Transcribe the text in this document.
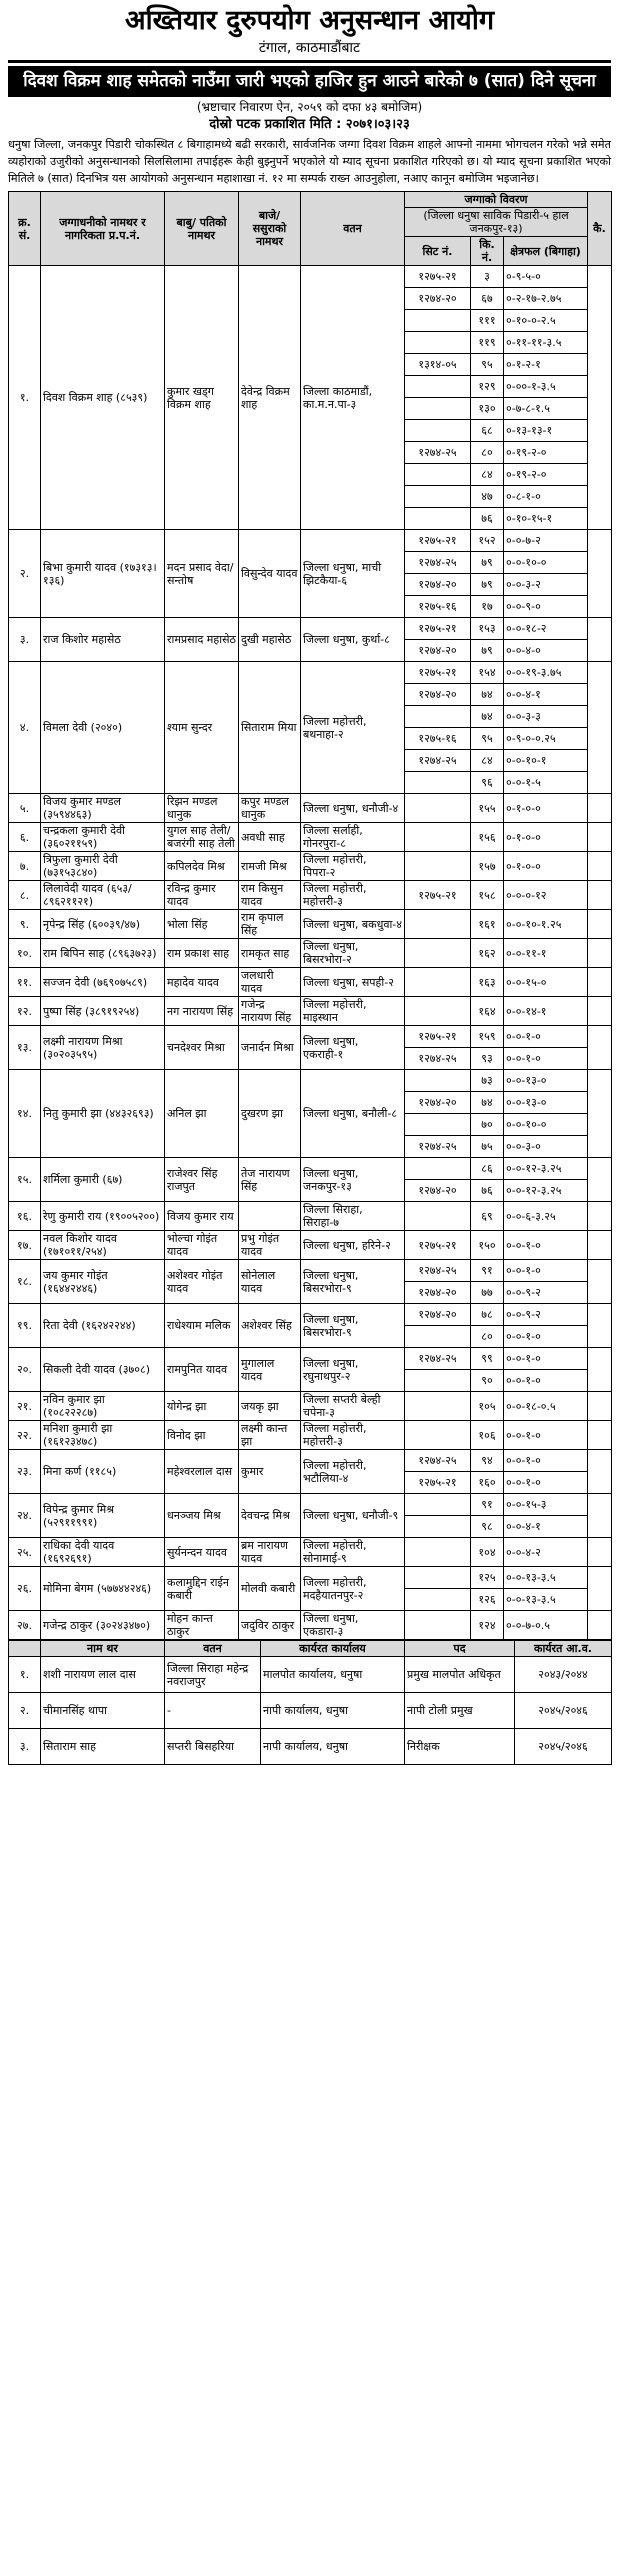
अख्तियार दुरुपयोग अनुसन्धान आयोग
टंगाल, काठमाडौंबाट
दिवश विक्रम शाह समेतको नाउँमा जारी भएको हाजिर हुन आउने बारेको ७ (सात) दिने सूचना
(भ्रष्टाचार निवारण ऐन, २०५९ को दफा ४३ बमोजिम)
दोस्रो पटक प्रकाशित मिति : २०७१।०३।२३
धनुषा जिल्ला, जनकपुर पिडारी चोकस्थित ८ बिगाहामध्ये बढी सरकारी, सार्वजनिक जग्गा दिवश विक्रम शाहले आफ्नो नाममा भोगचलन गरेको भन्ने समेत व्यहोराको उजुरीको अनुसन्धानको सिलसिलामा तपाईहरू केही बुझ्नुपर्ने भएकोले यो म्याद सूचना प्रकाशित गरिएको छ। यो म्याद सूचना प्रकाशित भएको मितिले ७ (सात) दिनभित्र यस आयोगको अनुसन्धान महाशाखा नं. १२ मा सम्पर्क राख्न आउनुहोला, नआए कानून बमोजिम भइजानेछ।
क्र. सं.	जग्गाधनीको नामथर र नागरिकता प्र.प.नं.	बाबु/ पतिको नामथर	बाजे/ ससुराको नामथर	वतन	जग्गाको विवरण			कै.
					(जिल्ला धनुषा साविक पिडारी-५ हाल जनकपुर-१३)			
					सिट नं.	कि. नं.	क्षेत्रफल (बिगाहा)	
१.	दिवश विक्रम शाह (८५३९)	कुमार खड्ग विक्रम शाह	देवेन्द्र विक्रम शाह	जिल्ला काठमाडौं, का.म.न.पा-३	१२७५-२१	३	०-९-५-०	
					१२७४-२०	६७	०-२-१७-२.७५	
						१११	०-१०-०-२.५	
						११९	०-११-११-३.५	
					१३१४-०५	९५	०-१-२-१	
						१२९	०-००-१-३.५	
						१३०	०-७-८-१.५	
						६८	०-१३-१३-१	
					१२७४-२५	८०	०-१९-२-०	
						८४	०-१९-२-०	
						४७	०-८-१-०	
						७६	०-१०-१५-१	
२.	बिभा कुमारी यादव (१७३१३।१३६)	मदन प्रसाद वेदा/सन्तोष	विसुन्देव यादव	जिल्ला धनुषा, माची झिटकैया-६	१२७५-२१	१५२	०-०-७-२	
					१२७४-२५	७९	०-०-१०-०	
					१२७४-२०	७९	०-०-३-२	
					१२७५-१६	१७	०-०-९-०	
३.	राज किशोर महासेठ	रामप्रसाद महासेठ	दुखी महासेठ	जिल्ला धनुषा, कुर्था-८	१२७५-२१	१५३	०-०-१८-२	
					१२७४-२०	७९	०-०-४-०	
४.	विमला देवी (२०४०)	श्याम सुन्दर	सिताराम मिया	जिल्ला महोत्तरी, बथनाहा-२	१२७५-२१	१५४	०-०-१९-३.७५	
					१२७४-२०	७४	०-०-४-१	
						७४	०-०-३-३	
					१२७५-१६	९५	०-९-०-०.२५	
					१२७४-२५	८४	०-०-१०-१	
						९६	०-०-१-५	
५.	विजय कुमार मण्डल (३५९४४६३)	रिझन मण्डल धानुक	कपुर मण्डल धानुक	जिल्ला धनुषा, धनौजी-४		१५५	०-१-०-०	
६.	चन्द्रकला कुमारी देवी (३६०२११५९)	युगल साह तेली/ बजरंगी साह तेली	अवधी साह	जिल्ला सर्लाही, गोनरपुरा-८		१५६	०-१-०-०	
७.	त्रिफुला कुमारी देवी (७३१५३८४०)	कपिलदेव मिश्र	रामजी मिश्र	जिल्ला महोत्तरी, पिपरा-२		१५७	०-१-०-०	
८.	लिलावेदी यादव (६५३/ ८९६२११२१)	रविन्द्र कुमार यादव	राम किसुन यादव	जिल्ला महोत्तरी, महोत्तरी-३	१२७५-२१	१५८	०-०-०-१२	
९.	नृपेन्द्र सिंह (६००३९/४७)	भोला सिंह	राम कृपाल सिंह	जिल्ला धनुषा, बकधुवा-४		१६१	०-०-१०-१.२५	
१०.	राम बिपिन साह (८९६३७२३)	राम प्रकाश साह	रामकृत साह	जिल्ला धनुषा, बिसरभोरा-२		१६२	०-०-११-१	
११.	सज्जन देवी (७६९०७५८९)	महादेव यादव	जलधारी यादव	जिल्ला धनुषा, सपही-२		१६३	०-०-१५-०	
१२.	पुष्पा सिंह (३८९१९२५४)	नग नारायण सिंह	गजेन्द्र नारायण सिंह	जिल्ला महोत्तरी, माइस्थान		१६४	०-०-१४-१	
१३.	लक्ष्मी नारायण मिश्रा (३०२०३५९५)	चनदेश्वर मिश्रा	जनार्दन मिश्रा	जिल्ला धनुषा, एकराही-१	१२७५-२१	१५९	०-०-१-०	
					१२७४-२५	९३	०-०-१-०	
१४.	नितु कुमारी झा (४४३२६९३)	अनिल झा	दुखरण झा	जिल्ला धनुषा, बनौली-८		७३	०-०-१३-०	
					१२७४-२०	७४	०-०-१३-०	
						७०	०-०-१०-०	
					१२७४-२५	७५	०-०-३-०	
१५.	शर्मिला कुमारी (६७)	राजेश्वर सिंह राजपुत	तेज नारायण सिंह	जिल्ला धनुषा, जनकपुर-१३		८६	०-०-१२-३.२५	
					१२७४-२०	७६	०-०-१२-३.२५	
१६.	रेणु कुमारी राय (१९००५२००)	विजय कुमार राय		जिल्ला सिराहा, सिराहा-७		६९	०-०-६-३.२५	
१७.	नवल किशोर यादव (१७१०११/२५४)	भोल्चा गोइंत यादव	प्रभु गोइंत यादव	जिल्ला धनुषा, हरिने-२	१२७५-२१	१५०	०-०-१-०	
१८.	जय कुमार गोइंत (१६४४२४४६)	अशेश्वर गोइंत यादव	सोनेलाल यादव	जिल्ला धनुषा, बिसरभोरा-९	१२७४-२५	९१	०-०-१-०	
					१२७४-२०	७७	०-०-९-२	
१९.	रिता देवी (१६२४२२४४)	राधेश्याम मलिक	अशेश्वर सिंह	जिल्ला धनुषा, बिसरभोरा-९	१२७४-२०	७८	०-०-९-२	
						८०	०-०-१-०	
२०.	सिकली देवी यादव (३७०८)	रामपुनित यादव	मुगालाल यादव	जिल्ला धनुषा, रघुनाथपुर-२	१२७४-२५	९९	०-०-१-०	
						९०	०-०-१-०	
२१.	नविन कुमार झा (१०८२२२८७)	योगेन्द्र झा	जयकृ झा	जिल्ला सप्तरी बेल्ही चपेना-३		१०५	०-०-१८-०.५	
२२.	मनिशा कुमारी झा (१६१२३४७८)	विनोद झा	लक्ष्मी कान्त झा	जिल्ला महोत्तरी, महोत्तरी-३		१०६	०-०-१-०	
२३.	मिना कर्ण (११८५)	महेश्वरलाल दास	कुमार	जिल्ला महोत्तरी, भटौलिया-४	१२७४-२५	९४	०-०-१-०	
					१२७५-२१	१६०	०-०-१-०	
२४.	विपेन्द्र कुमार मिश्र (५२९११९९१)	धनञ्जय मिश्र	देवचन्द्र मिश्र	जिल्ला धनुषा, धनौजी-९		९१	०-०-१५-३	
						९८	०-०-४-१	
२५.	राधिका देवी यादव (१६९२६९१)	सुर्यनन्दन यादव	ब्रम नारायण यादव	जिल्ला महोत्तरी, सोनामाई-९		१०४	०-०-४-२	
२६.	मोमिना बेगम (५७७४४२४६)	कलामुद्दिन राईन कबारी	मोलवी कबारी	जिल्ला महोत्तरी, मदहैयातनपुर-२		१२५	०-०-१३-३.५	
						१२६	०-०-१३-३.५	
२७.	गजेन्द्र ठाकुर (३०२४३४७०)	मोहन कान्त ठाकुर	जदुविर ठाकुर	जिल्ला धनुषा, एकडारा-३		१२४	०-०-७-०.५	
	नाम थर	वतन	कार्यरत कार्यालय	पद	कार्यरत आ.व.
१.	शशी नारायण लाल दास	जिल्ला सिराहा महेन्द्र नवराजपुर	मालपोत कार्यालय, धनुषा	प्रमुख मालपोत अधिकृत	२०४३/२०४४
२.	चीमानसिंह थापा	-	नापी कार्यालय, धनुषा	नापी टोली प्रमुख	२०४५/२०४६
३.	सिताराम साह	सप्तरी बिसहरिया	नापी कार्यालय, धनुषा	निरीक्षक	२०४५/२०४६
